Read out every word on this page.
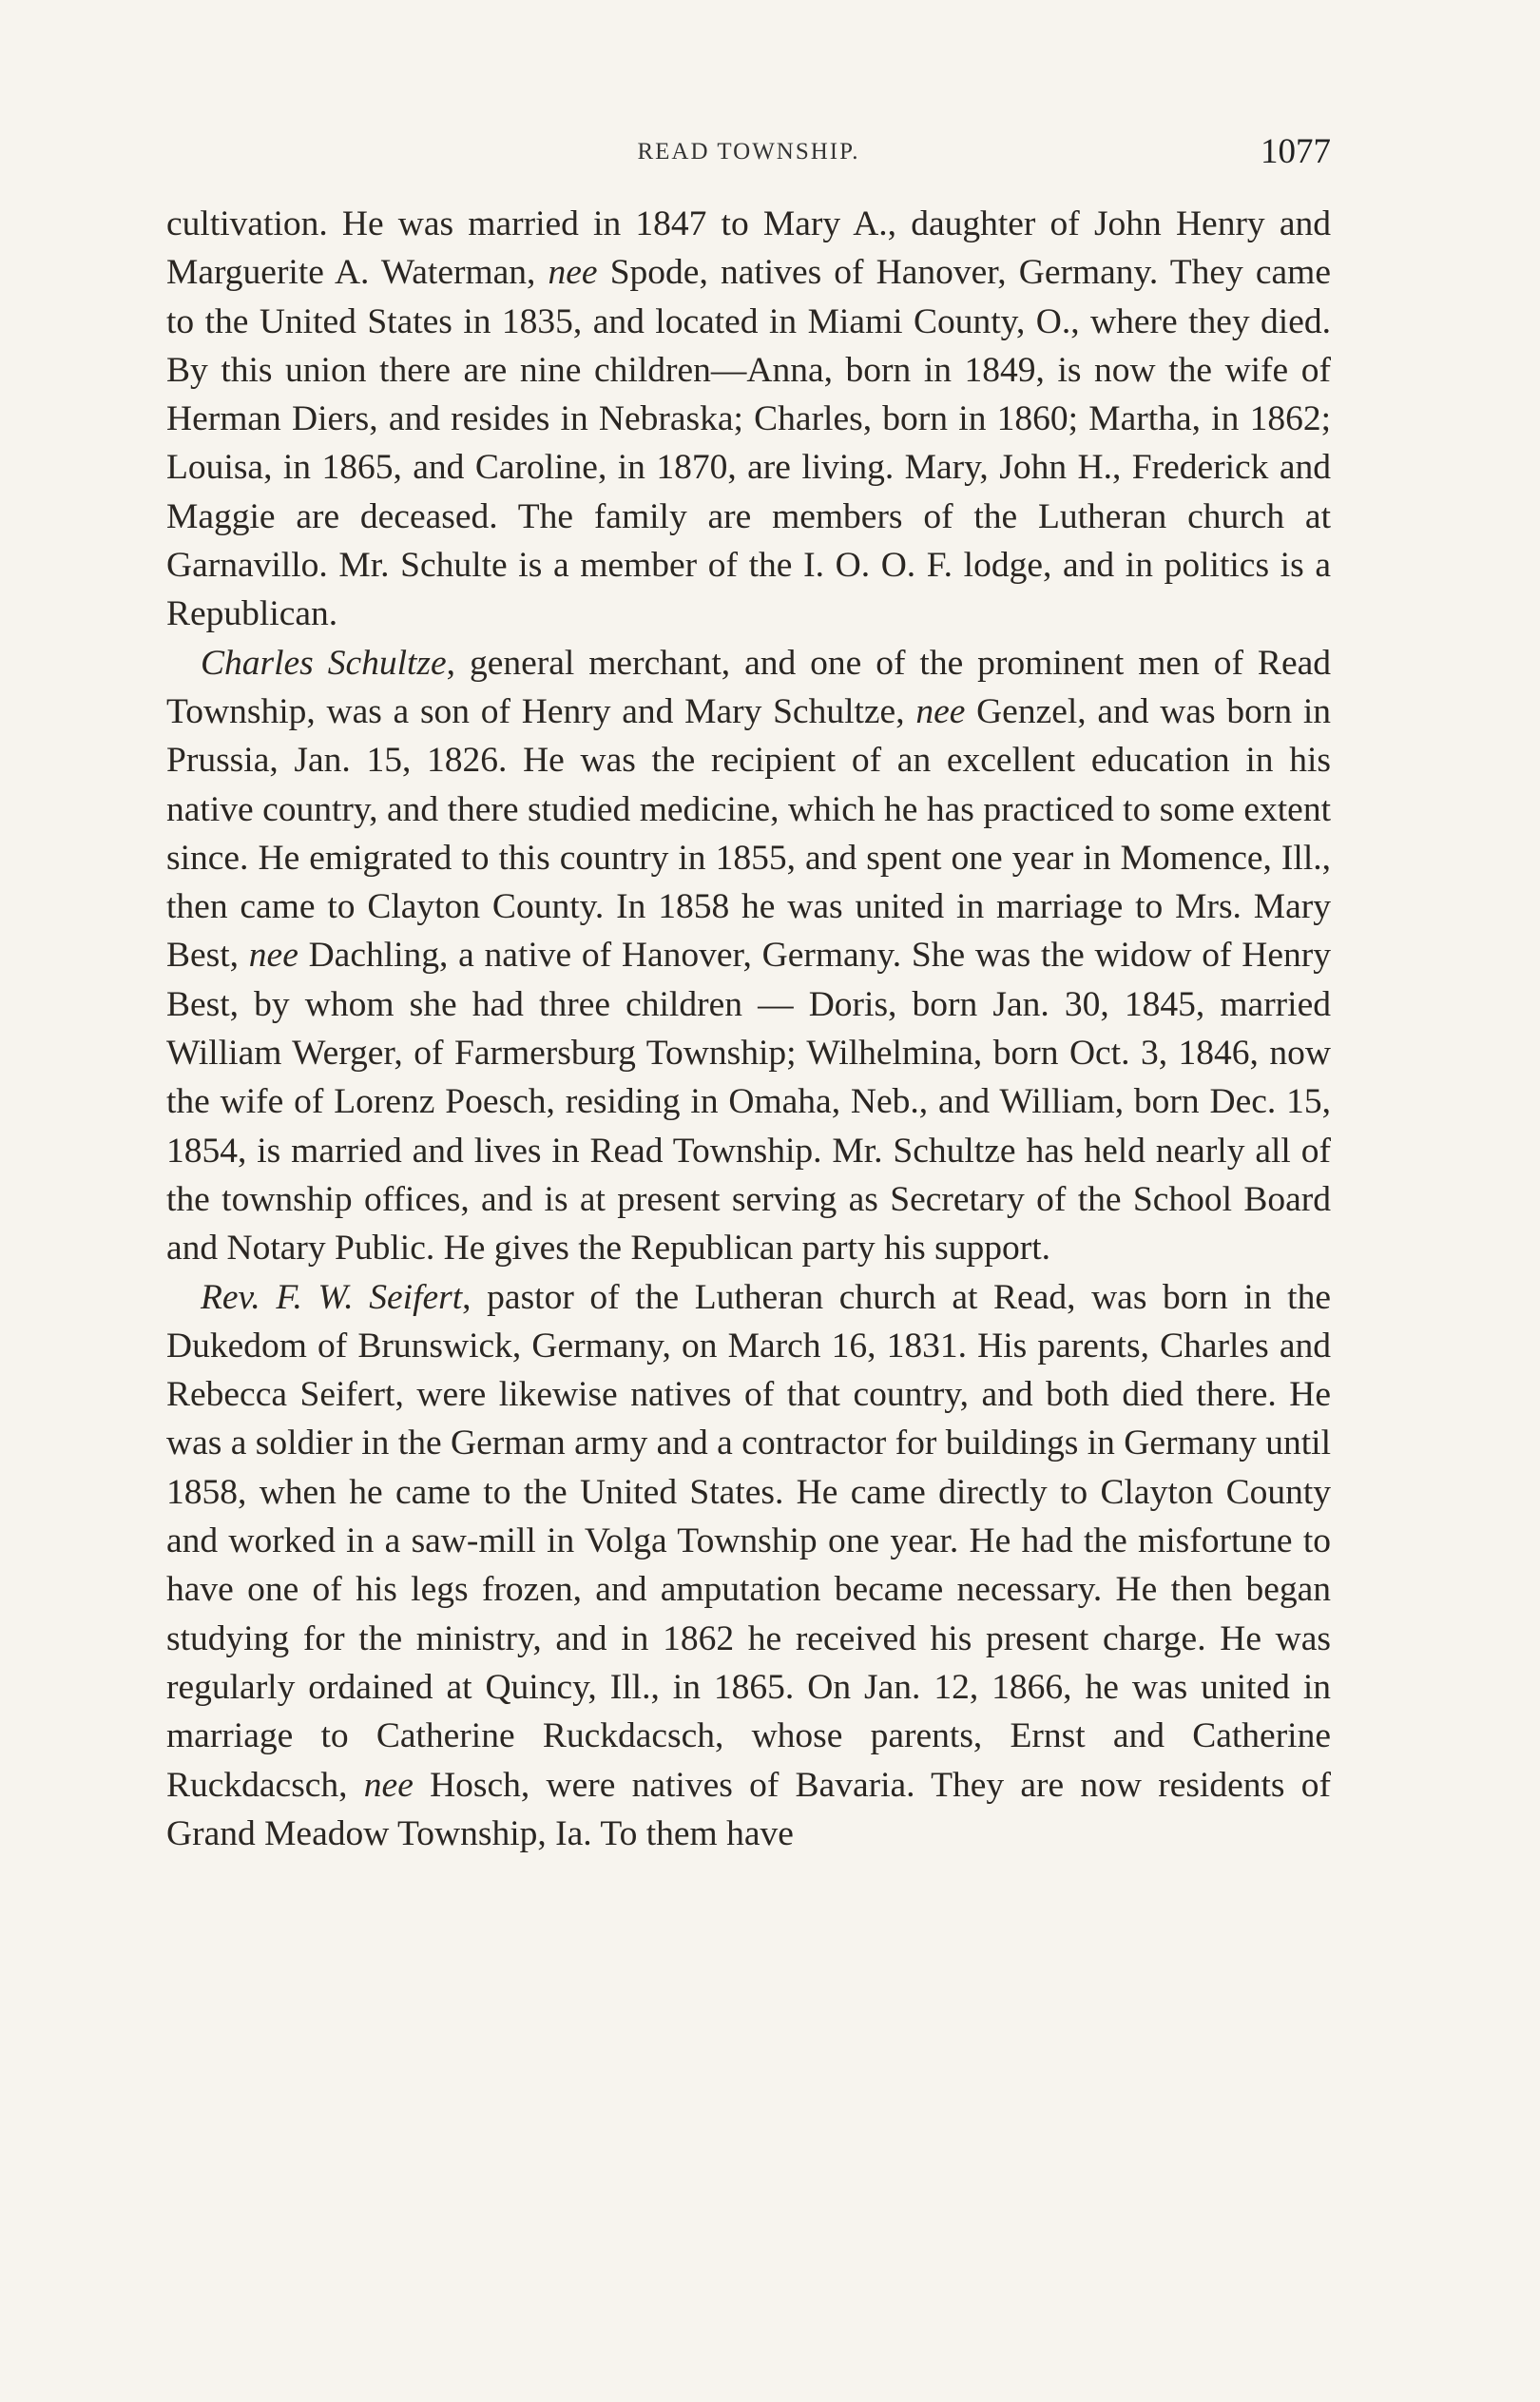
READ TOWNSHIP.	1077

cultivation. He was married in 1847 to Mary A., daughter of John Henry and Marguerite A. Waterman, nee Spode, natives of Hanover, Germany. They came to the United States in 1835, and located in Miami County, O., where they died. By this union there are nine children—Anna, born in 1849, is now the wife of Herman Diers, and resides in Nebraska; Charles, born in 1860; Martha, in 1862; Louisa, in 1865, and Caroline, in 1870, are living. Mary, John H., Frederick and Maggie are deceased. The family are members of the Lutheran church at Garnavillo. Mr. Schulte is a member of the I. O. O. F. lodge, and in politics is a Republican.

Charles Schultze, general merchant, and one of the prominent men of Read Township, was a son of Henry and Mary Schultze, nee Genzel, and was born in Prussia, Jan. 15, 1826. He was the recipient of an excellent education in his native country, and there studied medicine, which he has practiced to some extent since. He emigrated to this country in 1855, and spent one year in Momence, Ill., then came to Clayton County. In 1858 he was united in marriage to Mrs. Mary Best, nee Dachling, a native of Hanover, Germany. She was the widow of Henry Best, by whom she had three children — Doris, born Jan. 30, 1845, married William Werger, of Farmersburg Township; Wilhelmina, born Oct. 3, 1846, now the wife of Lorenz Poesch, residing in Omaha, Neb., and William, born Dec. 15, 1854, is married and lives in Read Township. Mr. Schultze has held nearly all of the township offices, and is at present serving as Secretary of the School Board and Notary Public. He gives the Republican party his support.

Rev. F. W. Seifert, pastor of the Lutheran church at Read, was born in the Dukedom of Brunswick, Germany, on March 16, 1831. His parents, Charles and Rebecca Seifert, were likewise natives of that country, and both died there. He was a soldier in the German army and a contractor for buildings in Germany until 1858, when he came to the United States. He came directly to Clayton County and worked in a saw-mill in Volga Township one year. He had the misfortune to have one of his legs frozen, and amputation became necessary. He then began studying for the ministry, and in 1862 he received his present charge. He was regularly ordained at Quincy, Ill., in 1865. On Jan. 12, 1866, he was united in marriage to Catherine Ruckdacsch, whose parents, Ernst and Catherine Ruckdacsch, nee Hosch, were natives of Bavaria. They are now residents of Grand Meadow Township, Ia. To them have
